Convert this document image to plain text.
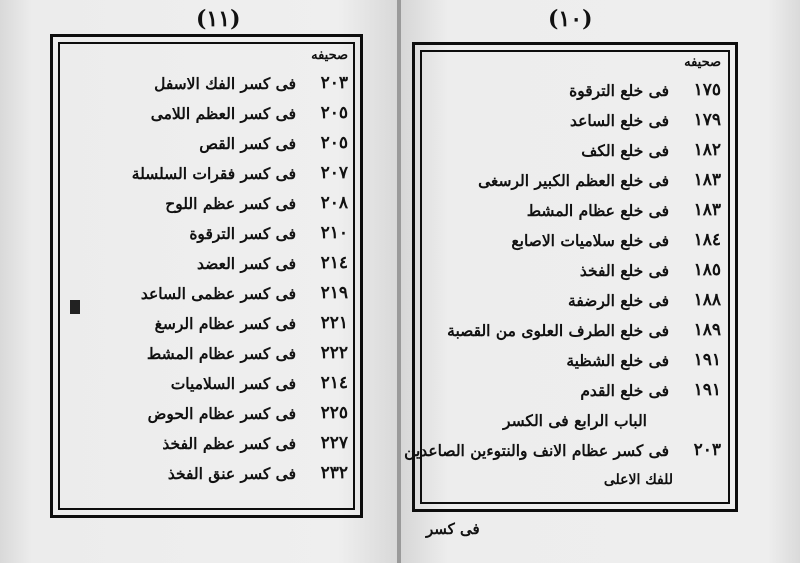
(١١)	(١٠)
صحيفه
٢٠٣
فى كسر الفك الاسفل
٢٠٥
فى كسر العظم اللامى
٢٠٥
فى كسر القص
٢٠٧
فى كسر فقرات السلسلة
٢٠٨
فى كسر عظم اللوح
٢١٠
فى كسر الترقوة
٢١٤
فى كسر العضد
٢١٩
فى كسر عظمى الساعد
٢٢١
فى كسر عظام الرسغ
٢٢٢
فى كسر عظام المشط
٢١٤
فى كسر السلاميات
٢٢٥
فى كسر عظام الحوض
٢٢٧
فى كسر عظم الفخذ
٢٣٢
فى كسر عنق الفخذ
صحيفه
١٧٥
فى خلع الترقوة
١٧٩
فى خلع الساعد
١٨٢
فى خلع الكف
١٨٣
فى خلع العظم الكبير الرسغى
١٨٣
فى خلع عظام المشط
١٨٤
فى خلع سلاميات الاصابع
١٨٥
فى خلع الفخذ
١٨٨
فى خلع الرضفة
١٨٩
فى خلع الطرف العلوى من القصبة
١٩١
فى خلع الشظية
١٩١
فى خلع القدم
الباب الرابع فى الكسر
٢٠٣
فى كسر عظام الانف والنتوءين الصاعدين
للفك الاعلى
فى كسر
